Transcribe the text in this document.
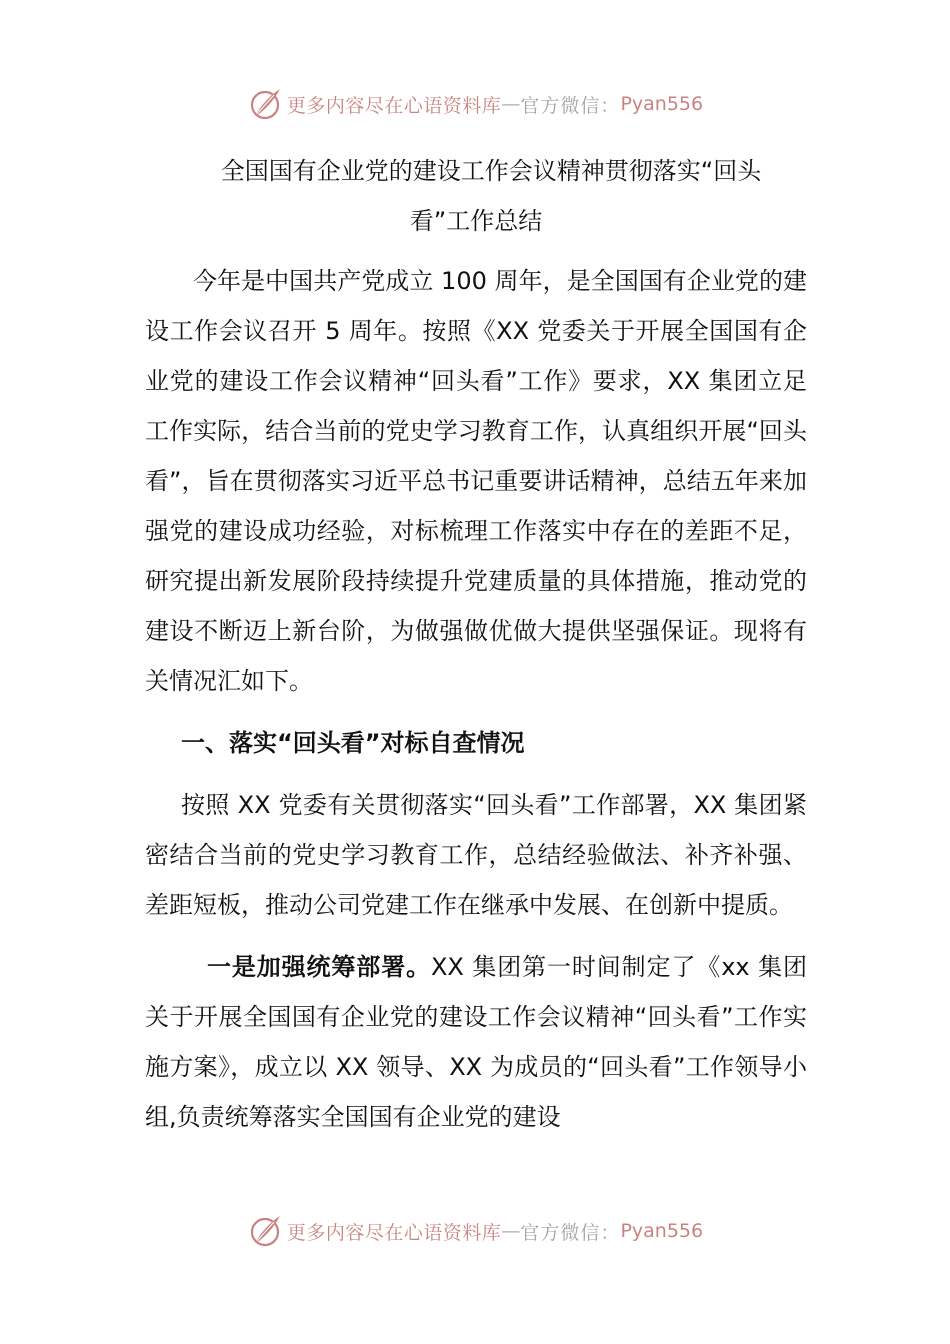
更多内容尽在心语资料库 — 官方微信： Pyan556
全国国有企业党的建设工作会议精神贯彻落实“回头
看”工作总结

今年是中国共产党成立 100 周年，是全国国有企业党的建设工作会议召开 5 周年。按照《XX 党委关于开展全国国有企业党的建设工作会议精神“回头看”工作》要求，XX 集团立足工作实际，结合当前的党史学习教育工作，认真组织开展“回头看”，旨在贯彻落实习近平总书记重要讲话精神，总结五年来加强党的建设成功经验，对标梳理工作落实中存在的差距不足，研究提出新发展阶段持续提升党建质量的具体措施，推动党的建设不断迈上新台阶，为做强做优做大提供坚强保证。现将有关情况汇如下。

一、落实“回头看”对标自查情况

按照 XX 党委有关贯彻落实“回头看”工作部署，XX 集团紧密结合当前的党史学习教育工作，总结经验做法、补齐补强、差距短板，推动公司党建工作在继承中发展、在创新中提质。

一是加强统筹部署。XX 集团第一时间制定了《xx 集团关于开展全国国有企业党的建设工作会议精神“回头看”工作实施方案》，成立以 XX 领导、XX 为成员的“回头看”工作领导小组,负责统筹落实全国国有企业党的建设

更多内容尽在心语资料库 — 官方微信： Pyan556
